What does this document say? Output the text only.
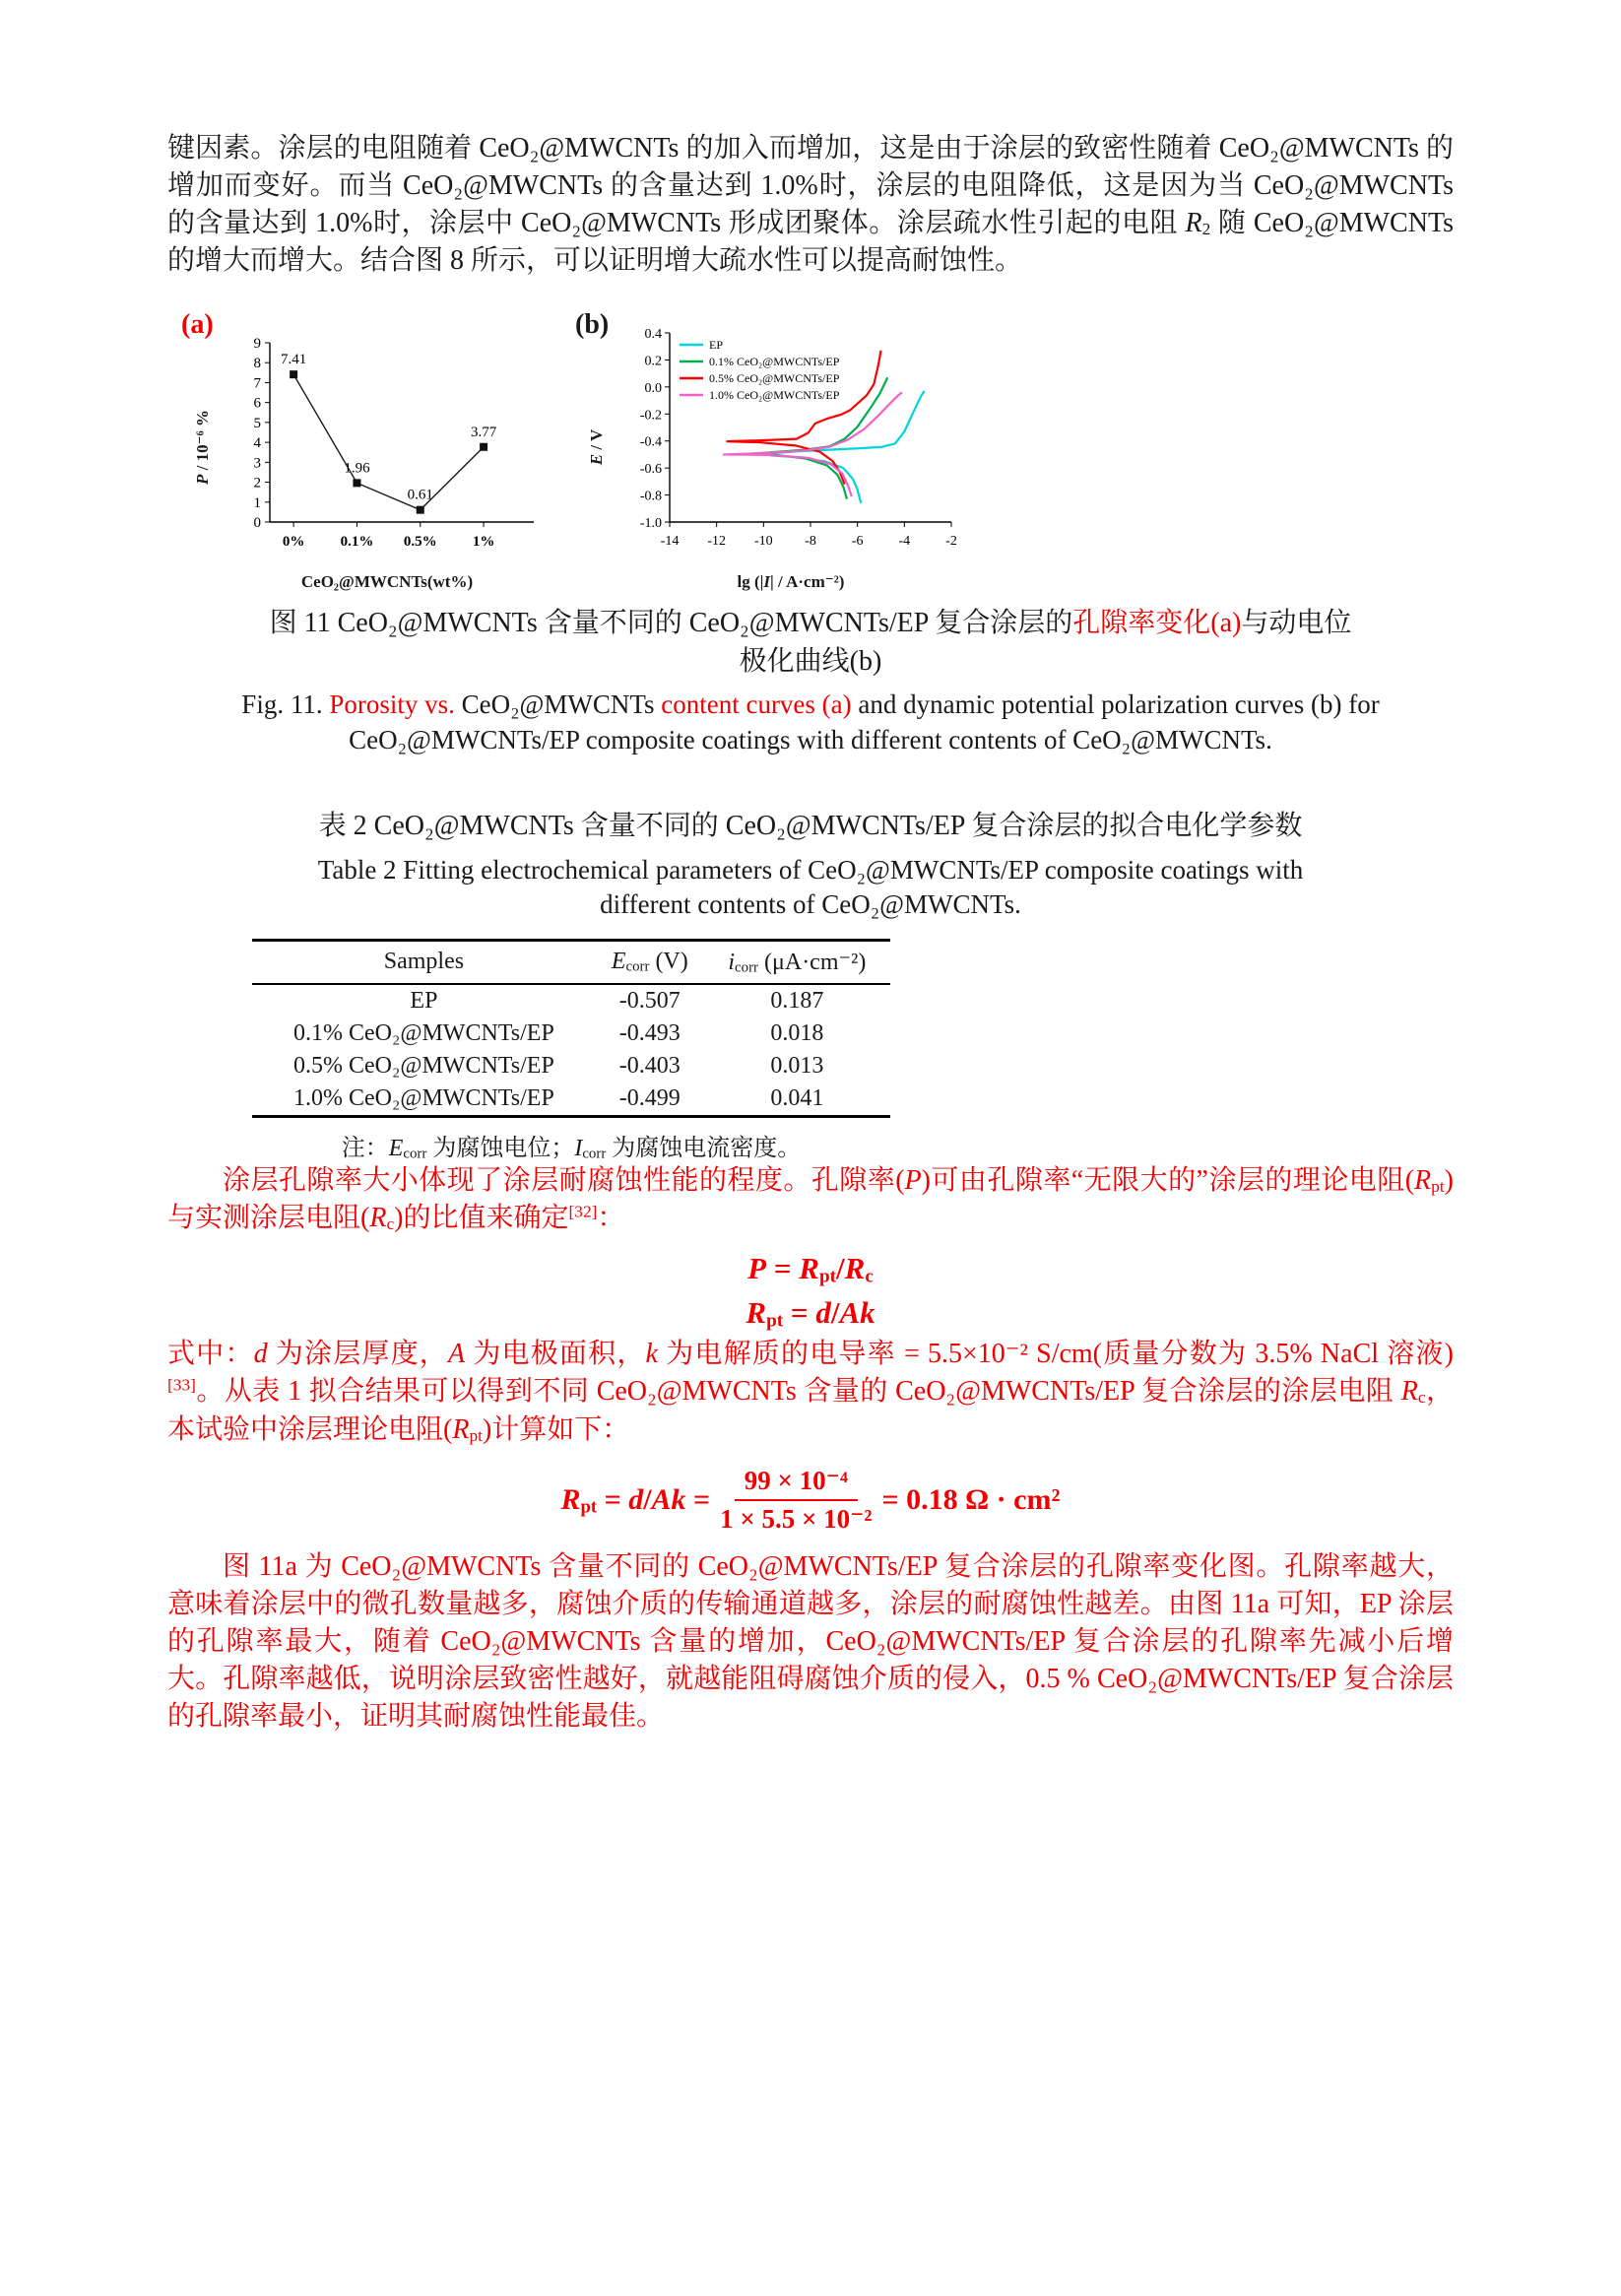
键因素。涂层的电阻随着 CeO₂@MWCNTs 的加入而增加，这是由于涂层的致密性随着 CeO₂@MWCNTs 的增加而变好。而当 CeO₂@MWCNTs 的含量达到 1.0%时，涂层的电阻降低，这是因为当 CeO₂@MWCNTs 的含量达到 1.0%时，涂层中 CeO₂@MWCNTs 形成团聚体。涂层疏水性引起的电阻 R2 随 CeO₂@MWCNTs 的增大而增大。结合图 8 所示，可以证明增大疏水性可以提高耐蚀性。

(a)
P / 10⁻⁶ %
0
1
2
3
4
5
6
7
8
9
0% 0.1% 0.5% 1%
7.41
1.96
0.61
3.77
CeO₂@MWCNTs(wt%)
(b)
E / V
-14 -12 -10 -8	-6	-4	-2
0.4
0.2
0.0
-0.2
-0.4
-0.6
-0.8
-1.0
EP
0.1% CeO₂@MWCNTs/EP
0.5% CeO₂@MWCNTs/EP
1.0% CeO₂@MWCNTs/EP
lg (|I| / A·cm⁻²)
图 11 CeO₂@MWCNTs 含量不同的 CeO₂@MWCNTs/EP 复合涂层的孔隙率变化(a)与动电位
极化曲线(b)
Fig. 11. Porosity vs. CeO₂@MWCNTs content curves (a) and dynamic potential polarization curves (b) for CeO₂@MWCNTs/EP composite coatings with different contents of CeO₂@MWCNTs.
表 2 CeO₂@MWCNTs 含量不同的 CeO₂@MWCNTs/EP 复合涂层的拟合电化学参数
Table 2 Fitting electrochemical parameters of CeO₂@MWCNTs/EP composite coatings with
different contents of CeO₂@MWCNTs.
Samples	Ecorr (V)	icorr (μA·cm⁻²)
EP	-0.507	0.187
0.1% CeO₂@MWCNTs/EP	-0.493	0.018
0.5% CeO₂@MWCNTs/EP	-0.403	0.013
1.0% CeO₂@MWCNTs/EP	-0.499	0.041
注：Ecorr 为腐蚀电位；Icorr 为腐蚀电流密度。

涂层孔隙率大小体现了涂层耐腐蚀性能的程度。孔隙率(P)可由孔隙率“无限大的”涂层的理论电阻(Rpt)与实测涂层电阻(Rc)的比值来确定[32]：

P = Rpt/Rc
Rpt = d/Ak

式中：d 为涂层厚度，A 为电极面积，k 为电解质的电导率 = 5.5×10⁻² S/cm(质量分数为 3.5% NaCl 溶液)[33]。从表 1 拟合结果可以得到不同 CeO₂@MWCNTs 含量的 CeO₂@MWCNTs/EP 复合涂层的涂层电阻 Rc，本试验中涂层理论电阻(Rpt)计算如下：

Rpt = $d/Ak = \frac{\text{99 × 10⁻⁴}}{\text{1 × 5.5 × 10⁻²}} = 0.18$ Ω · cm²

图 11a 为 CeO₂@MWCNTs 含量不同的 CeO₂@MWCNTs/EP 复合涂层的孔隙率变化图。孔隙率越大，意味着涂层中的微孔数量越多，腐蚀介质的传输通道越多，涂层的耐腐蚀性越差。由图 11a 可知，EP 涂层的孔隙率最大，随着 CeO₂@MWCNTs 含量的增加，CeO₂@MWCNTs/EP 复合涂层的孔隙率先减小后增大。孔隙率越低，说明涂层致密性越好，就越能阻碍腐蚀介质的侵入，0.5 % CeO₂@MWCNTs/EP 复合涂层的孔隙率最小，证明其耐腐蚀性能最佳。
